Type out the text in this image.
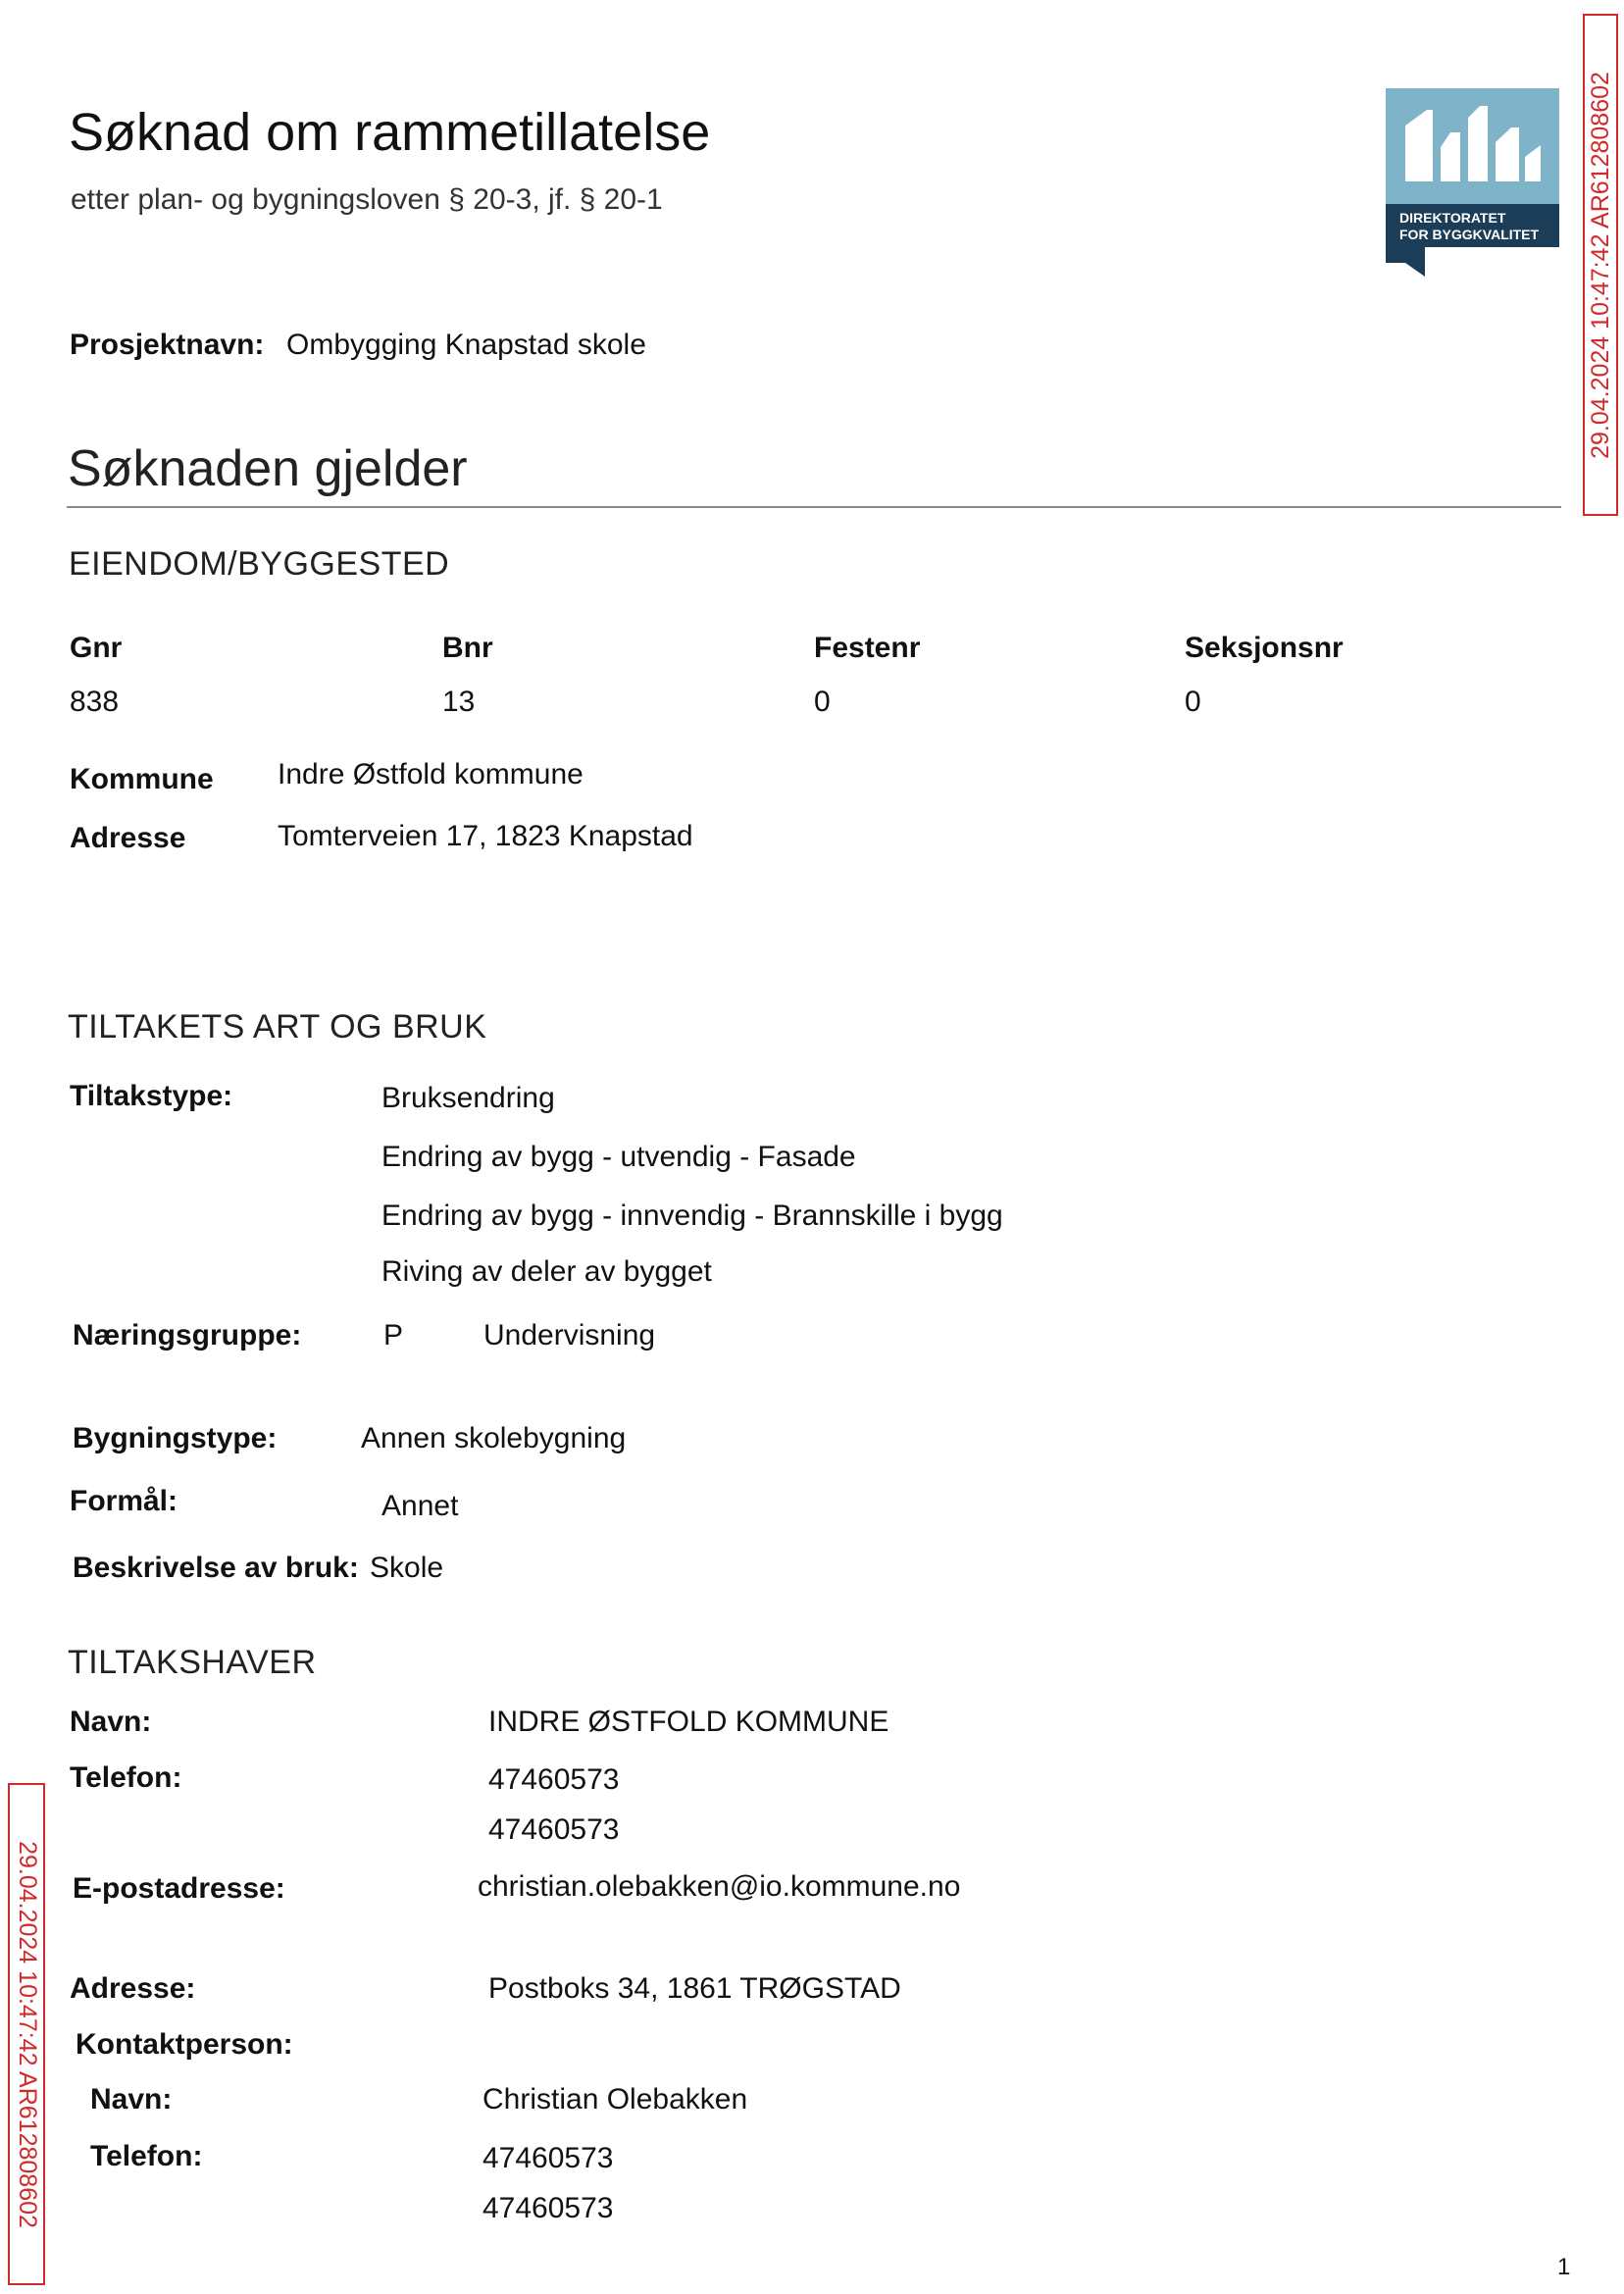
Søknad om rammetillatelse
etter plan- og bygningsloven § 20-3, jf. § 20-1
DIREKTORATET
FOR BYGGKVALITET 29.04.2024 10:47:42 AR612808602
29.04.2024 10:47:42 AR612808602
Prosjektnavn: Ombygging Knapstad skole
Søknaden gjelder
EIENDOM/BYGGESTED
Gnr	Bnr	Festenr	Seksjonsnr
838	13	0	0
Kommune Indre Østfold kommune
Adresse	Tomterveien 17, 1823 Knapstad
TILTAKETS ART OG BRUK
Tiltakstype:	Bruksendring
Endring av bygg - utvendig - Fasade
Endring av bygg - innvendig - Brannskille i bygg
Riving av deler av bygget
Næringsgruppe:	P	Undervisning
Bygningstype:	Annen skolebygning
Formål:	Annet
Beskrivelse av bruk: Skole
TILTAKSHAVER
Navn:	INDRE ØSTFOLD KOMMUNE
Telefon:	47460573
47460573
E-postadresse:	christian.olebakken@io.kommune.no
Adresse:	Postboks 34, 1861 TRØGSTAD
Kontaktperson:
Navn:	Christian Olebakken
Telefon:	47460573
47460573
1
